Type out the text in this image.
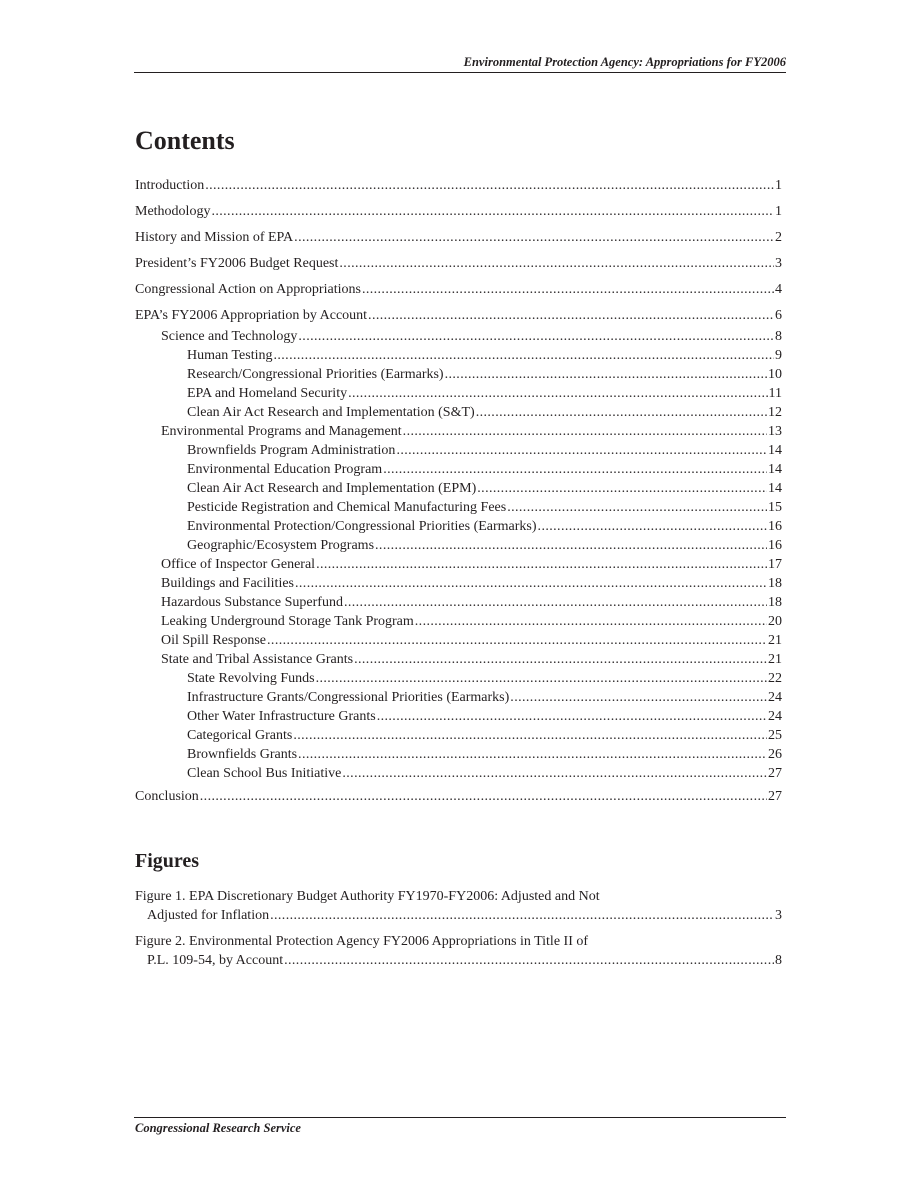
Environmental Protection Agency: Appropriations for FY2006
Contents
Introduction .....	1
Methodology .....	1
History and Mission of EPA .....	2
President’s FY2006 Budget Request .....	3
Congressional Action on Appropriations .....	4
EPA’s FY2006 Appropriation by Account .....	6
Science and Technology .....	8
Human Testing .....	9
Research/Congressional Priorities (Earmarks) .....	10
EPA and Homeland Security .....	11
Clean Air Act Research and Implementation (S&T) .....	12
Environmental Programs and Management .....	13
Brownfields Program Administration .....	14
Environmental Education Program .....	14
Clean Air Act Research and Implementation (EPM) .....	14
Pesticide Registration and Chemical Manufacturing Fees .....	15
Environmental Protection/Congressional Priorities (Earmarks) .....	16
Geographic/Ecosystem Programs .....	16
Office of Inspector General .....	17
Buildings and Facilities .....	18
Hazardous Substance Superfund .....	18
Leaking Underground Storage Tank Program .....	20
Oil Spill Response .....	21
State and Tribal Assistance Grants .....	21
State Revolving Funds .....	22
Infrastructure Grants/Congressional Priorities (Earmarks) .....	24
Other Water Infrastructure Grants .....	24
Categorical Grants .....	25
Brownfields Grants .....	26
Clean School Bus Initiative .....	27
Conclusion .....	27
Figures
Figure 1. EPA Discretionary Budget Authority FY1970-FY2006: Adjusted and Not
Adjusted for Inflation .....	3
Figure 2. Environmental Protection Agency FY2006 Appropriations in Title II of
P.L. 109-54, by Account .....	8
Congressional Research Service
